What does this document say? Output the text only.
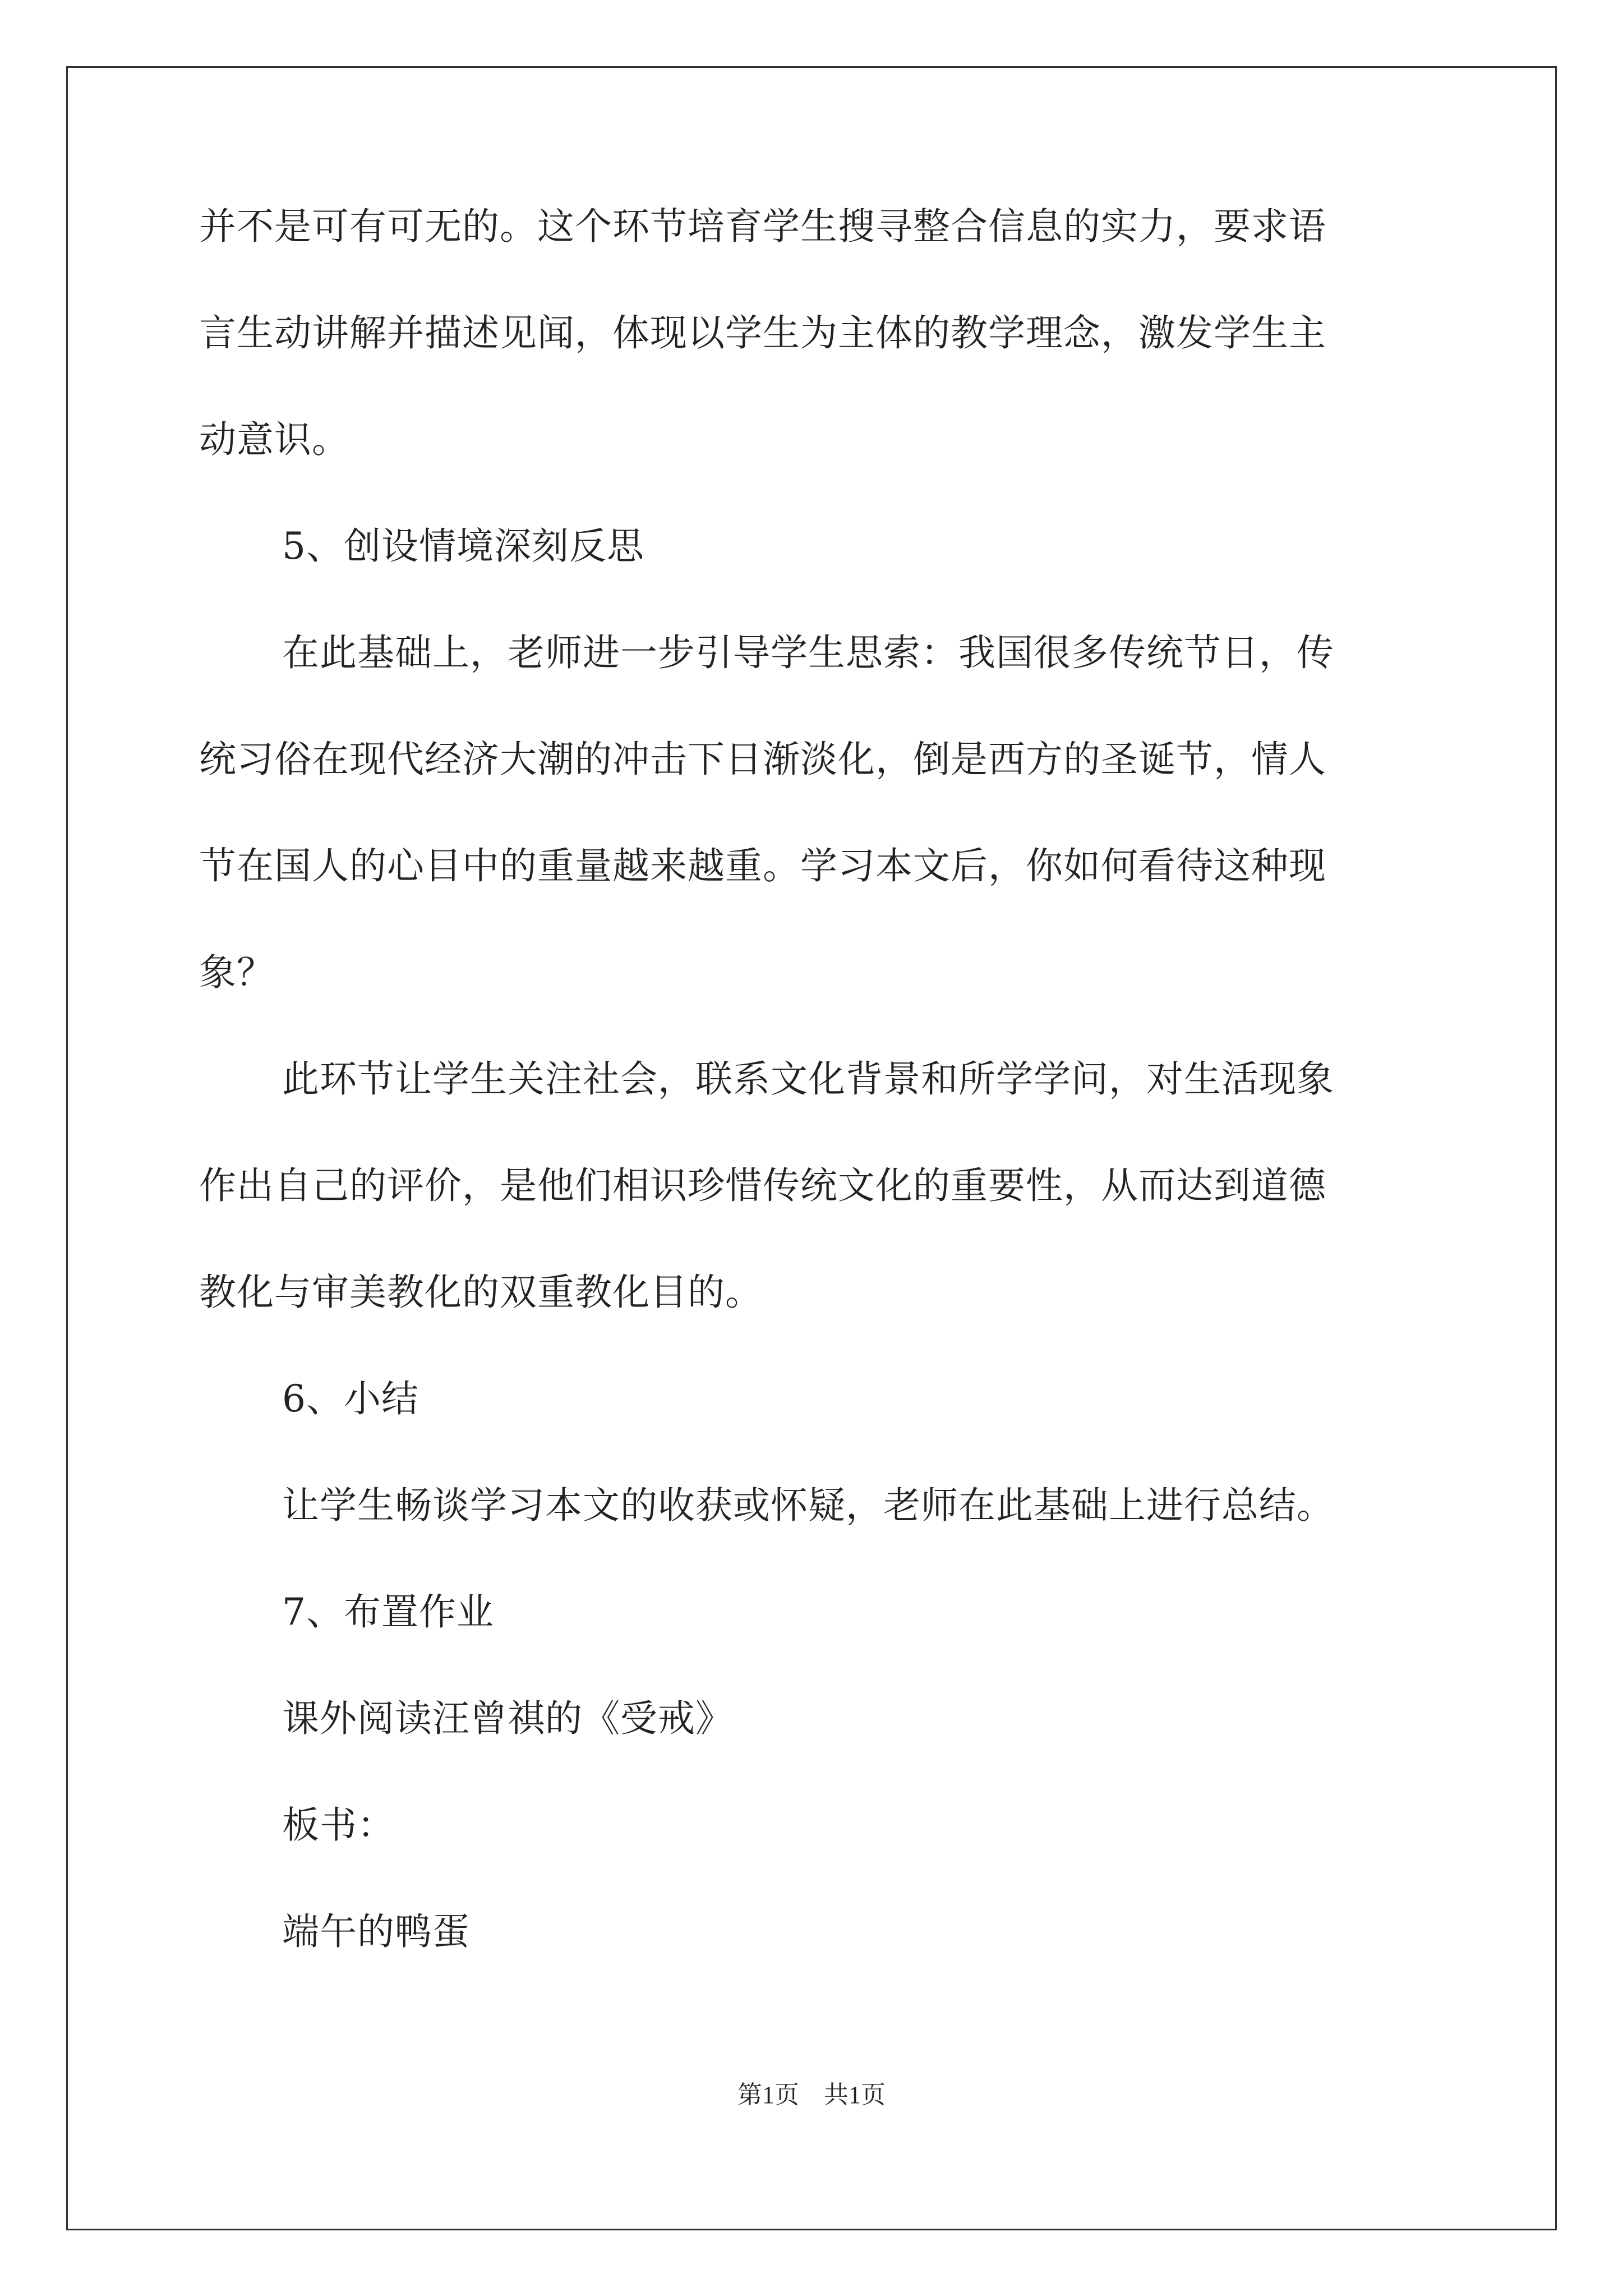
并不是可有可无的。这个环节培育学生搜寻整合信息的实力，要求语
言生动讲解并描述见闻，体现以学生为主体的教学理念，激发学生主
动意识。
5、创设情境深刻反思
在此基础上，老师进一步引导学生思索：我国很多传统节日，传
统习俗在现代经济大潮的冲击下日渐淡化，倒是西方的圣诞节，情人
节在国人的心目中的重量越来越重。学习本文后，你如何看待这种现
象？
此环节让学生关注社会，联系文化背景和所学学问，对生活现象
作出自己的评价，是他们相识珍惜传统文化的重要性，从而达到道德
教化与审美教化的双重教化目的。
6、小结
让学生畅谈学习本文的收获或怀疑，老师在此基础上进行总结。
7、布置作业
课外阅读汪曾祺的《受戒》
板书：
端午的鸭蛋
第1页　共1页
